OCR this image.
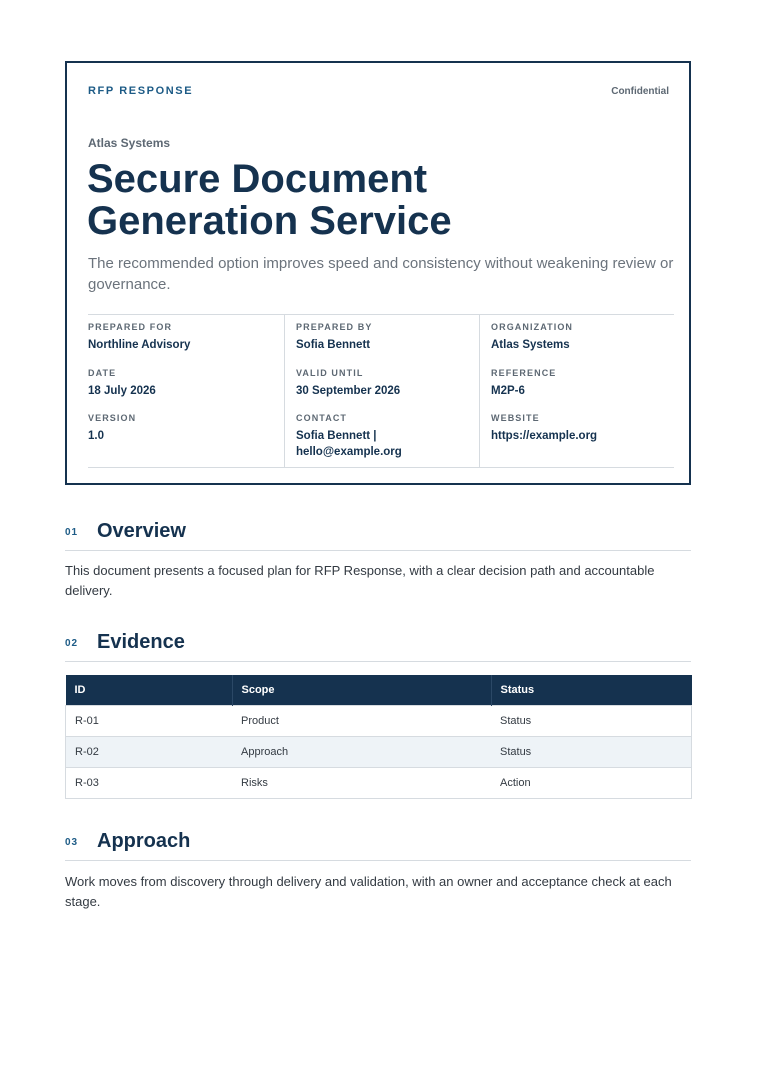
RFP RESPONSE	Confidential
Atlas Systems
Secure Document Generation Service

The recommended option improves speed and consistency without weakening review or governance.

PREPARED FOR
Northline Advisory
DATE
18 July 2026
VERSION
1.0
PREPARED BY
Sofia Bennett
VALID UNTIL
30 September 2026
CONTACT
Sofia Bennett | hello@example.org
ORGANIZATION
Atlas Systems
REFERENCE
M2P-6
WEBSITE
https://example.org
01 Overview

This document presents a focused plan for RFP Response, with a clear decision path and accountable delivery.

02 Evidence
ID	Scope	Status
R-01	Product	Status
R-02	Approach	Status
R-03	Risks	Action
03 Approach

Work moves from discovery through delivery and validation, with an owner and acceptance check at each stage.
